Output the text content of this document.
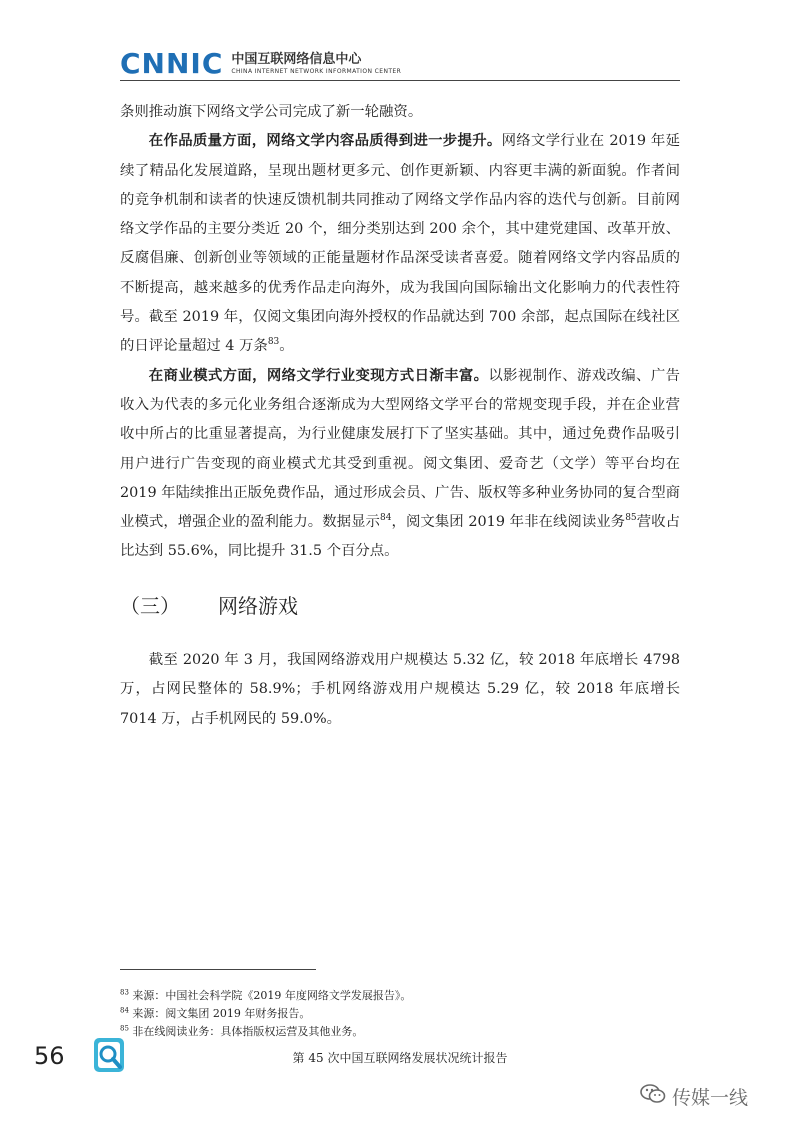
CNNIC 中国互联网络信息中心
CHINA INTERNET NETWORK INFORMATION CENTER

条则推动旗下网络文学公司完成了新一轮融资。

在作品质量方面，网络文学内容品质得到进一步提升。网络文学行业在 2019 年延续了精品化发展道路，呈现出题材更多元、创作更新颖、内容更丰满的新面貌。作者间的竞争机制和读者的快速反馈机制共同推动了网络文学作品内容的迭代与创新。目前网络文学作品的主要分类近 20 个，细分类别达到 200 余个，其中建党建国、改革开放、反腐倡廉、创新创业等领域的正能量题材作品深受读者喜爱。随着网络文学内容品质的不断提高，越来越多的优秀作品走向海外，成为我国向国际输出文化影响力的代表性符号。截至 2019 年，仅阅文集团向海外授权的作品就达到 700 余部，起点国际在线社区的日评论量超过 4 万条$^{83}$。

在商业模式方面，网络文学行业变现方式日渐丰富。以影视制作、游戏改编、广告收入为代表的多元化业务组合逐渐成为大型网络文学平台的常规变现手段，并在企业营收中所占的比重显著提高，为行业健康发展打下了坚实基础。其中，通过免费作品吸引用户进行广告变现的商业模式尤其受到重视。阅文集团、爱奇艺（文学）等平台均在 2019 年陆续推出正版免费作品，通过形成会员、广告、版权等多种业务协同的复合型商业模式，增强企业的盈利能力。数据显示$^{84}$，阅文集团 2019 年非在线阅读业务$^{85}$营收占比达到 55.6%，同比提升 31.5 个百分点。

（三） 网络游戏

截至 2020 年 3 月，我国网络游戏用户规模达 5.32 亿，较 2018 年底增长 4798 万，占网民整体的 58.9%；手机网络游戏用户规模达 5.29 亿，较 2018 年底增长 7014 万，占手机网民的 59.0%。

$^{83}$ 来源：中国社会科学院《2019 年度网络文学发展报告》。
$^{84}$ 来源：阅文集团 2019 年财务报告。
$^{85}$ 非在线阅读业务：具体指版权运营及其他业务。
56	第 45 次中国互联网络发展状况统计报告
传媒一线
